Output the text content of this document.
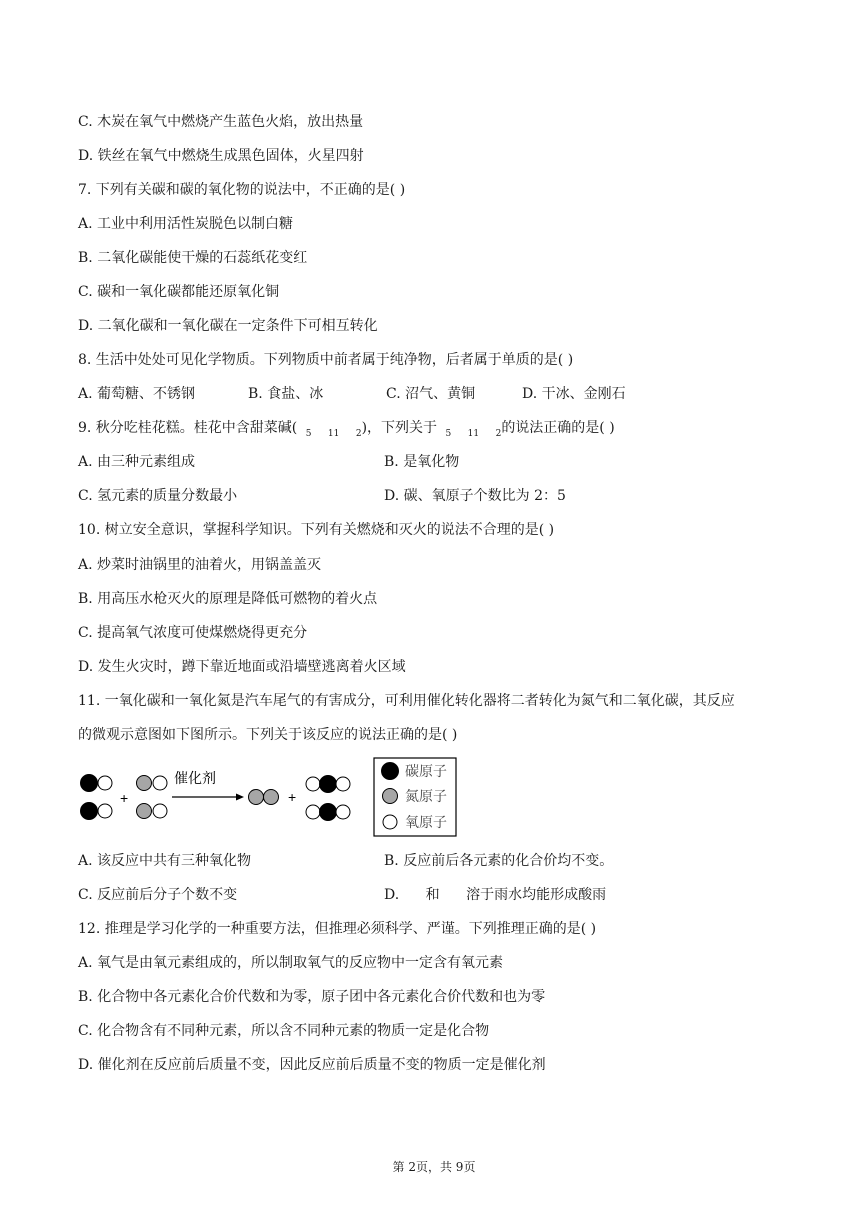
C. 木炭在氧气中燃烧产生蓝色火焰，放出热量
D. 铁丝在氧气中燃烧生成黑色固体，火星四射
7. 下列有关碳和碳的氧化物的说法中，不正确的是( )
A. 工业中利用活性炭脱色以制白糖
B. 二氧化碳能使干燥的石蕊纸花变红
C. 碳和一氧化碳都能还原氧化铜
D. 二氧化碳和一氧化碳在一定条件下可相互转化
8. 生活中处处可见化学物质。下列物质中前者属于纯净物，后者属于单质的是( )
A. 葡萄糖、不锈钢	B. 食盐、冰	C. 沼气、黄铜	D. 干冰、金刚石
9. 秋分吃桂花糕。桂花中含甜菜碱( $_5$ $_{11}$ $_2$)，下列关于 $_5$ $_{11}$ $_2$的说法正确的是( )
A. 由三种元素组成	B. 是氧化物
C. 氢元素的质量分数最小	D. 碳、氧原子个数比为 2：5
10. 树立安全意识，掌握科学知识。下列有关燃烧和灭火的说法不合理的是( )
A. 炒菜时油锅里的油着火，用锅盖盖灭
B. 用高压水枪灭火的原理是降低可燃物的着火点
C. 提高氧气浓度可使煤燃烧得更充分
D. 发生火灾时，蹲下靠近地面或沿墙壁逃离着火区域
11. 一氧化碳和一氧化氮是汽车尾气的有害成分，可利用催化转化器将二者转化为氮气和二氧化碳，其反应
的微观示意图如下图所示。下列关于该反应的说法正确的是( )
+
催化剂
+
碳原子
氮原子
氧原子
A. 该反应中共有三种氧化物	B. 反应前后各元素的化合价均不变。
C. 反应前后分子个数不变	D. 和 溶于雨水均能形成酸雨
12. 推理是学习化学的一种重要方法，但推理必须科学、严谨。下列推理正确的是( )
A. 氧气是由氧元素组成的，所以制取氧气的反应物中一定含有氧元素
B. 化合物中各元素化合价代数和为零，原子团中各元素化合价代数和也为零
C. 化合物含有不同种元素，所以含不同种元素的物质一定是化合物
D. 催化剂在反应前后质量不变，因此反应前后质量不变的物质一定是催化剂
第 2页，共 9页
